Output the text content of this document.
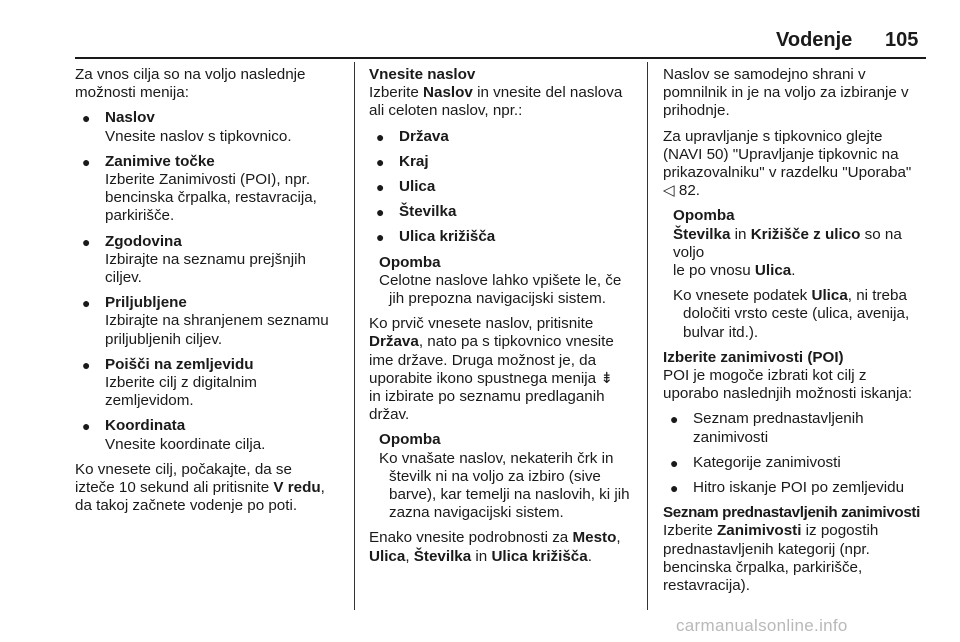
Vodenje 105

Za vnos cilja so na voljo naslednje

možnosti menija:

● Naslov

Vnesite naslov s tipkovnico.

● Zanimive točke

Izberite Zanimivosti (POI), npr.

bencinska črpalka, restavracija,

parkirišče.

● Zgodovina

Izbirajte na seznamu prejšnjih

ciljev.

● Priljubljene

Izbirajte na shranjenem seznamu

priljubljenih ciljev.

● Poišči na zemljevidu

Izberite cilj z digitalnim

zemljevidom.

● Koordinata

Vnesite koordinate cilja.

Ko vnesete cilj, počakajte, da se

izteče 10 sekund ali pritisnite V redu,

da takoj začnete vodenje po poti.

Vnesite naslov

Izberite Naslov in vnesite del naslova

ali celoten naslov, npr.:

● Država

● Kraj

● Ulica

● Številka

● Ulica križišča

Opomba

Celotne naslove lahko vpišete le, če

jih prepozna navigacijski sistem.

Ko prvič vnesete naslov, pritisnite

Država, nato pa s tipkovnico vnesite

ime države. Druga možnost je, da

uporabite ikono spustnega menija ⇟

in izbirate po seznamu predlaganih

držav.

Opomba

Ko vnašate naslov, nekaterih črk in

številk ni na voljo za izbiro (sive

barve), kar temelji na naslovih, ki jih

zazna navigacijski sistem.

Enako vnesite podrobnosti za Mesto,

Ulica, Številka in Ulica križišča.

Naslov se samodejno shrani v

pomnilnik in je na voljo za izbiranje v

prihodnje.

Za upravljanje s tipkovnico glejte

(NAVI 50) "Upravljanje tipkovnic na

prikazovalniku" v razdelku "Uporaba"

◁ 82.

Opomba

Številka in Križišče z ulico so na voljo

le po vnosu Ulica.

Ko vnesete podatek Ulica, ni treba

določiti vrsto ceste (ulica, avenija,

bulvar itd.).

Izberite zanimivosti (POI)

POI je mogoče izbrati kot cilj z

uporabo naslednjih možnosti iskanja:

● Seznam prednastavljenih

zanimivosti

● Kategorije zanimivosti

● Hitro iskanje POI po zemljevidu

Seznam prednastavljenih zanimivosti

Izberite Zanimivosti iz pogostih

prednastavljenih kategorij (npr.

bencinska črpalka, parkirišče,

restavracija).

carmanualsonline.info
